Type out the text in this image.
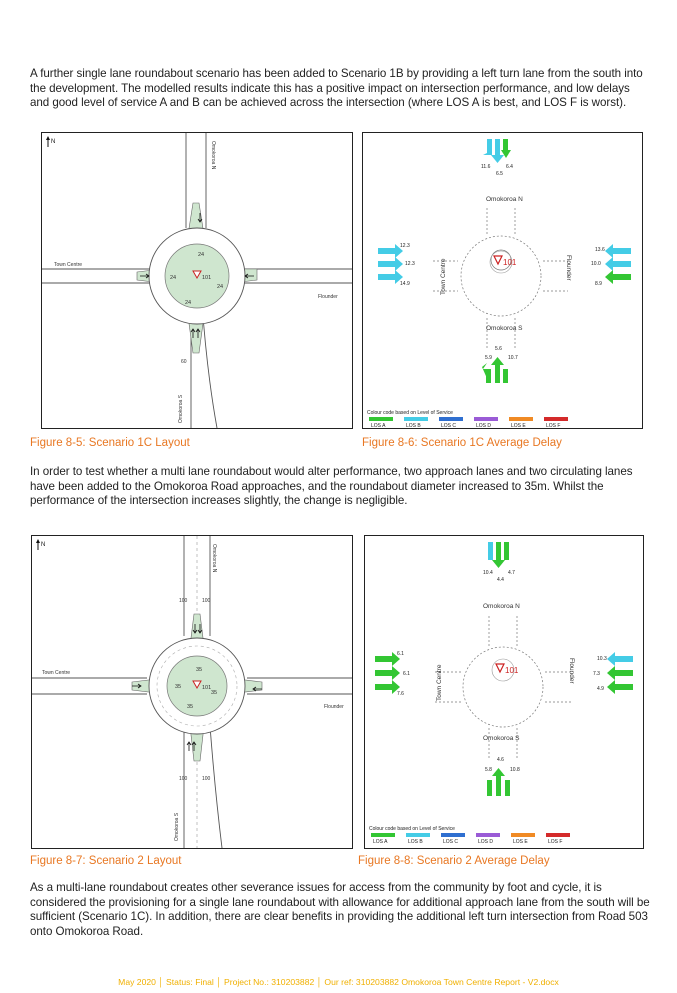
A further single lane roundabout scenario has been added to Scenario 1B by providing a left turn lane from the south into the development. The modelled results indicate this has a positive impact on intersection performance, and low delays and good level of service A and B can be achieved across the intersection (where LOS A is best, and LOS F is worst).
N
101
24
24
24
24
60
Omokoroa N
Town Centre
Flounder
Omokoroa S
101
Omokoroa N
Omokoroa S
Town Centre	Flounder
11.6	6.4
6.5
12.3
12.3
14.9
13.6
10.0
8.9
5.6
5.9	10.7
Colour code based on Level of Service
LOS A	LOS B	LOS C	LOS D	LOS E	LOS F
Figure 8-5: Scenario 1C Layout	Figure 8-6: Scenario 1C Average Delay
In order to test whether a multi lane roundabout would alter performance, two approach lanes and two circulating lanes have been added to the Omokoroa Road approaches, and the roundabout diameter increased to 35m. Whilst the performance of the intersection increases slightly, the change is negligible.
N
101
35
35
35
35
100	100
100	100
Omokoroa N
Town Centre
Flounder
Omokoroa S
101
Omokoroa N
Omokoroa S
Town Centre	Flounder
10.4	4.7
4.4
6.1
6.1
7.6
10.3
7.3
4.9
4.6
5.8	10.8
Colour code based on Level of Service
LOS A	LOS B	LOS C	LOS D	LOS E	LOS F
Figure 8-7: Scenario 2 Layout	Figure 8-8: Scenario 2 Average Delay
As a multi-lane roundabout creates other severance issues for access from the community by foot and cycle, it is considered the provisioning for a single lane roundabout with allowance for additional approach lane from the south will be sufficient (Scenario 1C). In addition, there are clear benefits in providing the additional left turn intersection from Road 503 onto Omokoroa Road.
May 2020 │ Status: Final │ Project No.: 310203882 │ Our ref: 310203882 Omokoroa Town Centre Report - V2.docx
